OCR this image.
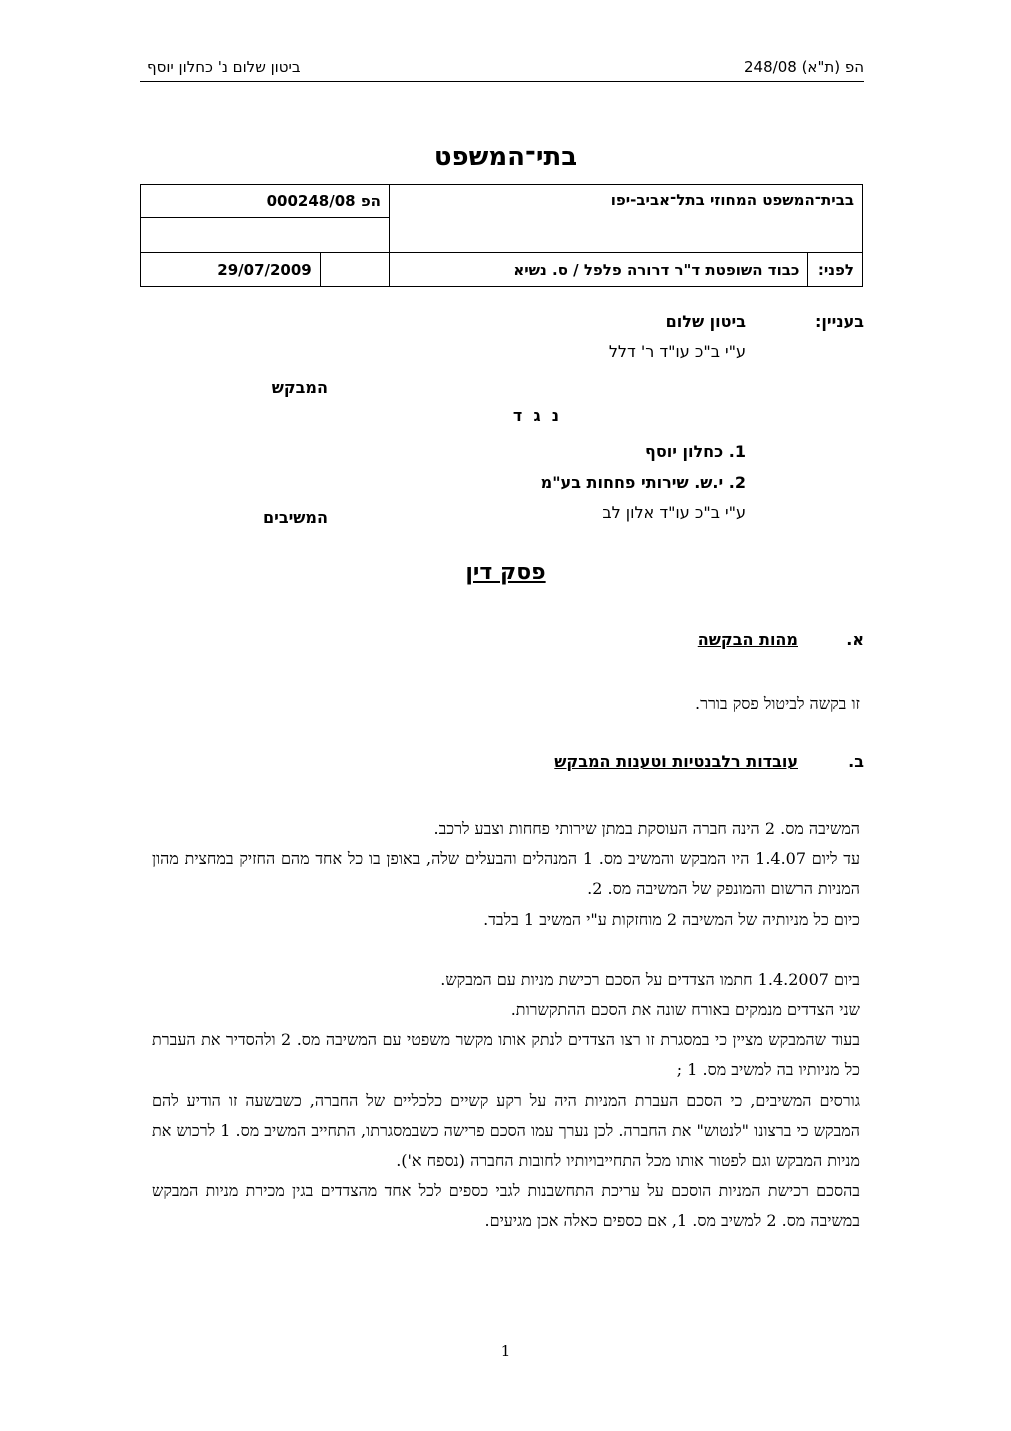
הפ (ת"א) 248/08
ביטון שלום נ' כחלון יוסף
בתי־המשפט
בבית־המשפט המחוזי בתל־אביב-יפו		הפ 000248/08	

לפני:	כבוד השופטת ד"ר דרורה פלפל / ס. נשיא		29/07/2009
בעניין:
ביטון שלום
ע"י ב"כ עו"ד ר' דלל
המבקש
נ  ג  ד
1. כחלון יוסף
2. י.ש. שירותי פחחות בע"מ
ע"י ב"כ עו"ד אלון לב
המשיבים
פסק דין
א.
מהות הבקשה

זו בקשה לביטול פסק בורר.

ב.
עובדות רלבנטיות וטענות המבקש

המשיבה מס. 2 הינה חברה העוסקת במתן שירותי פחחות וצבע לרכב.

עד ליום 1.4.07 היו המבקש והמשיב מס. 1 המנהלים והבעלים שלה, באופן בו כל אחד מהם החזיק במחצית מהון המניות הרשום והמונפק של המשיבה מס. 2.

כיום כל מניותיה של המשיבה 2 מוחזקות ע"י המשיב 1 בלבד.

ביום 1.4.2007 חתמו הצדדים על הסכם רכישת מניות עם המבקש.

שני הצדדים מנמקים באורח שונה את הסכם ההתקשרות.

בעוד שהמבקש מציין כי במסגרת זו רצו הצדדים לנתק אותו מקשר משפטי עם המשיבה מס. 2 ולהסדיר את העברת כל מניותיו בה למשיב מס. 1 ;

גורסים המשיבים, כי הסכם העברת המניות היה על רקע קשיים כלכליים של החברה, כשבשעה זו הודיע להם המבקש כי ברצונו "לנטוש" את החברה. לכן נערך עמו הסכם פרישה כשבמסגרתו, התחייב המשיב מס. 1 לרכוש את מניות המבקש וגם לפטור אותו מכל התחייבויותיו לחובות החברה (נספח א').

בהסכם רכישת המניות הוסכם על עריכת התחשבנות לגבי כספים לכל אחד מהצדדים בגין מכירת מניות המבקש במשיבה מס. 2 למשיב מס. 1, אם כספים כאלה אכן מגיעים.

1
